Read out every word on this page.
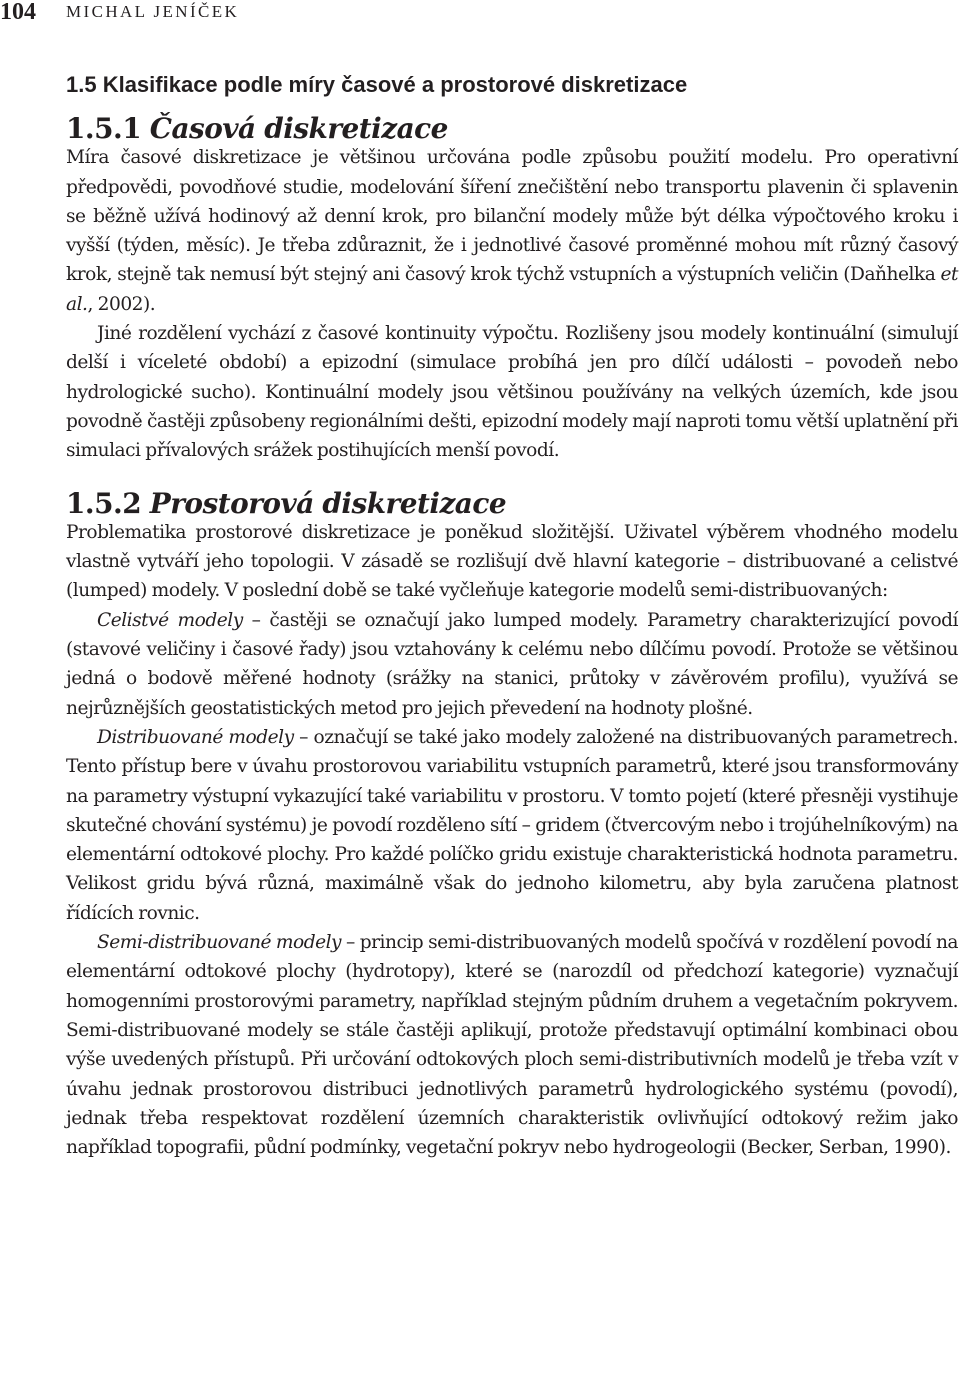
104 MICHAL JENÍČEK
1.5 Klasifikace podle míry časové a prostorové diskretizace
1.5.1 Časová diskretizace

Míra časové diskretizace je většinou určována podle způsobu použití modelu. Pro operativní předpovědi, povodňové studie, modelování šíření znečištění nebo transportu plavenin či splavenin se běžně užívá hodinový až denní krok, pro bilanční modely může být délka výpočtového kroku i vyšší (týden, měsíc). Je třeba zdůraznit, že i jednotlivé časové proměnné mohou mít různý časový krok, stejně tak nemusí být stejný ani časový krok týchž vstupních a výstupních veličin (Daňhelka et al., 2002).

Jiné rozdělení vychází z časové kontinuity výpočtu. Rozlišeny jsou modely kontinuální (simulují delší i víceleté období) a epizodní (simulace probíhá jen pro dílčí události – povodeň nebo hydrologické sucho). Kontinuální modely jsou většinou používány na velkých územích, kde jsou povodně častěji způsobeny regionálními dešti, epizodní modely mají naproti tomu větší uplatnění při simulaci přívalových srážek postihujících menší povodí.

1.5.2 Prostorová diskretizace

Problematika prostorové diskretizace je poněkud složitější. Uživatel výběrem vhodného modelu vlastně vytváří jeho topologii. V zásadě se rozlišují dvě hlavní kategorie – distribuované a celistvé (lumped) modely. V poslední době se také vyčleňuje kategorie modelů semi-distribuovaných:

Celistvé modely – častěji se označují jako lumped modely. Parametry charakterizující povodí (stavové veličiny i časové řady) jsou vztahovány k celému nebo dílčímu povodí. Protože se většinou jedná o bodově měřené hodnoty (srážky na stanici, průtoky v závěrovém profilu), využívá se nejrůznějších geostatistických metod pro jejich převedení na hodnoty plošné.

Distribuované modely – označují se také jako modely založené na distribuovaných parametrech. Tento přístup bere v úvahu prostorovou variabilitu vstupních parametrů, které jsou transformovány na parametry výstupní vykazující také variabilitu v prostoru. V tomto pojetí (které přesněji vystihuje skutečné chování systému) je povodí rozděleno sítí – gridem (čtvercovým nebo i trojúhelníkovým) na elementární odtokové plochy. Pro každé políčko gridu existuje charakteristická hodnota parametru. Velikost gridu bývá různá, maximálně však do jednoho kilometru, aby byla zaručena platnost řídících rovnic.

Semi-distribuované modely – princip semi-distribuovaných modelů spočívá v rozdělení povodí na elementární odtokové plochy (hydrotopy), které se (narozdíl od předchozí kategorie) vyznačují homogenními prostorovými parametry, například stejným půdním druhem a vegetačním pokryvem. Semi-distribuované modely se stále častěji aplikují, protože představují optimální kombinaci obou výše uvedených přístupů. Při určování odtokových ploch semi-distributivních modelů je třeba vzít v úvahu jednak prostorovou distribuci jednotlivých parametrů hydrologického systému (povodí), jednak třeba respektovat rozdělení územních charakteristik ovlivňující odtokový režim jako například topografii, půdní podmínky, vegetační pokryv nebo hydrogeologii (Becker, Serban, 1990).
